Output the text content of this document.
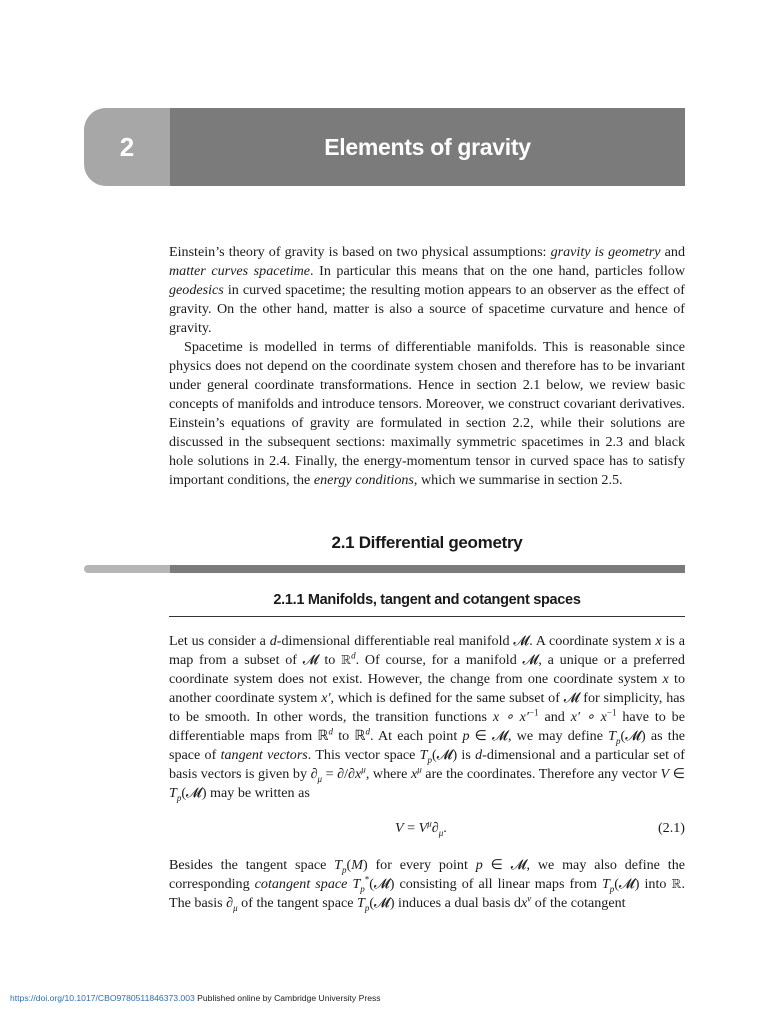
2	Elements of gravity

Einstein’s theory of gravity is based on two physical assumptions: gravity is geometry and matter curves spacetime. In particular this means that on the one hand, particles follow geodesics in curved spacetime; the resulting motion appears to an observer as the effect of gravity. On the other hand, matter is also a source of spacetime curvature and hence of gravity.

Spacetime is modelled in terms of differentiable manifolds. This is reasonable since physics does not depend on the coordinate system chosen and therefore has to be invariant under general coordinate transformations. Hence in section 2.1 below, we review basic concepts of manifolds and introduce tensors. Moreover, we construct covariant derivatives. Einstein’s equations of gravity are formulated in section 2.2, while their solutions are discussed in the subsequent sections: maximally symmetric spacetimes in 2.3 and black hole solutions in 2.4. Finally, the energy-momentum tensor in curved space has to satisfy important conditions, the energy conditions, which we summarise in section 2.5.

2.1 Differential geometry
2.1.1 Manifolds, tangent and cotangent spaces

Let us consider a d-dimensional differentiable real manifold 𝓜. A coordinate system x is a map from a subset of 𝓜 to ℝ$^d$. Of course, for a manifold 𝓜, a unique or a preferred coordinate system does not exist. However, the change from one coordinate system x to another coordinate system x′, which is defined for the same subset of 𝓜 for simplicity, has to be smooth. In other words, the transition functions x ∘ $x'^{-1}$ and x′ ∘ $x^{-1}$ have to be differentiable maps from ℝ$^d$ to ℝ$^d$. At each point p ∈ 𝓜, we may define $T_p(𝓜)$ as the space of tangent vectors. This vector space $T_p(𝓜)$ is d-dimensional and a particular set of basis vectors is given by $\partial_\mu = \partial/\partial x^\mu$, where $x^\mu$ are the coordinates. Therefore any vector V ∈ $T_p(𝓜)$ may be written as

$V = V^\mu\partial_\mu$.	(2.1)

Besides the tangent space $T_p(M)$ for every point p ∈ 𝓜, we may also define the corresponding cotangent space $T_p^*(𝓜)$ consisting of all linear maps from $T_p(𝓜)$ into ℝ. The basis $\partial_\mu$ of the tangent space $T_p(𝓜)$ induces a dual basis $dx^\nu$ of the cotangent

https://doi.org/10.1017/CBO9780511846373.003 Published online by Cambridge University Press
